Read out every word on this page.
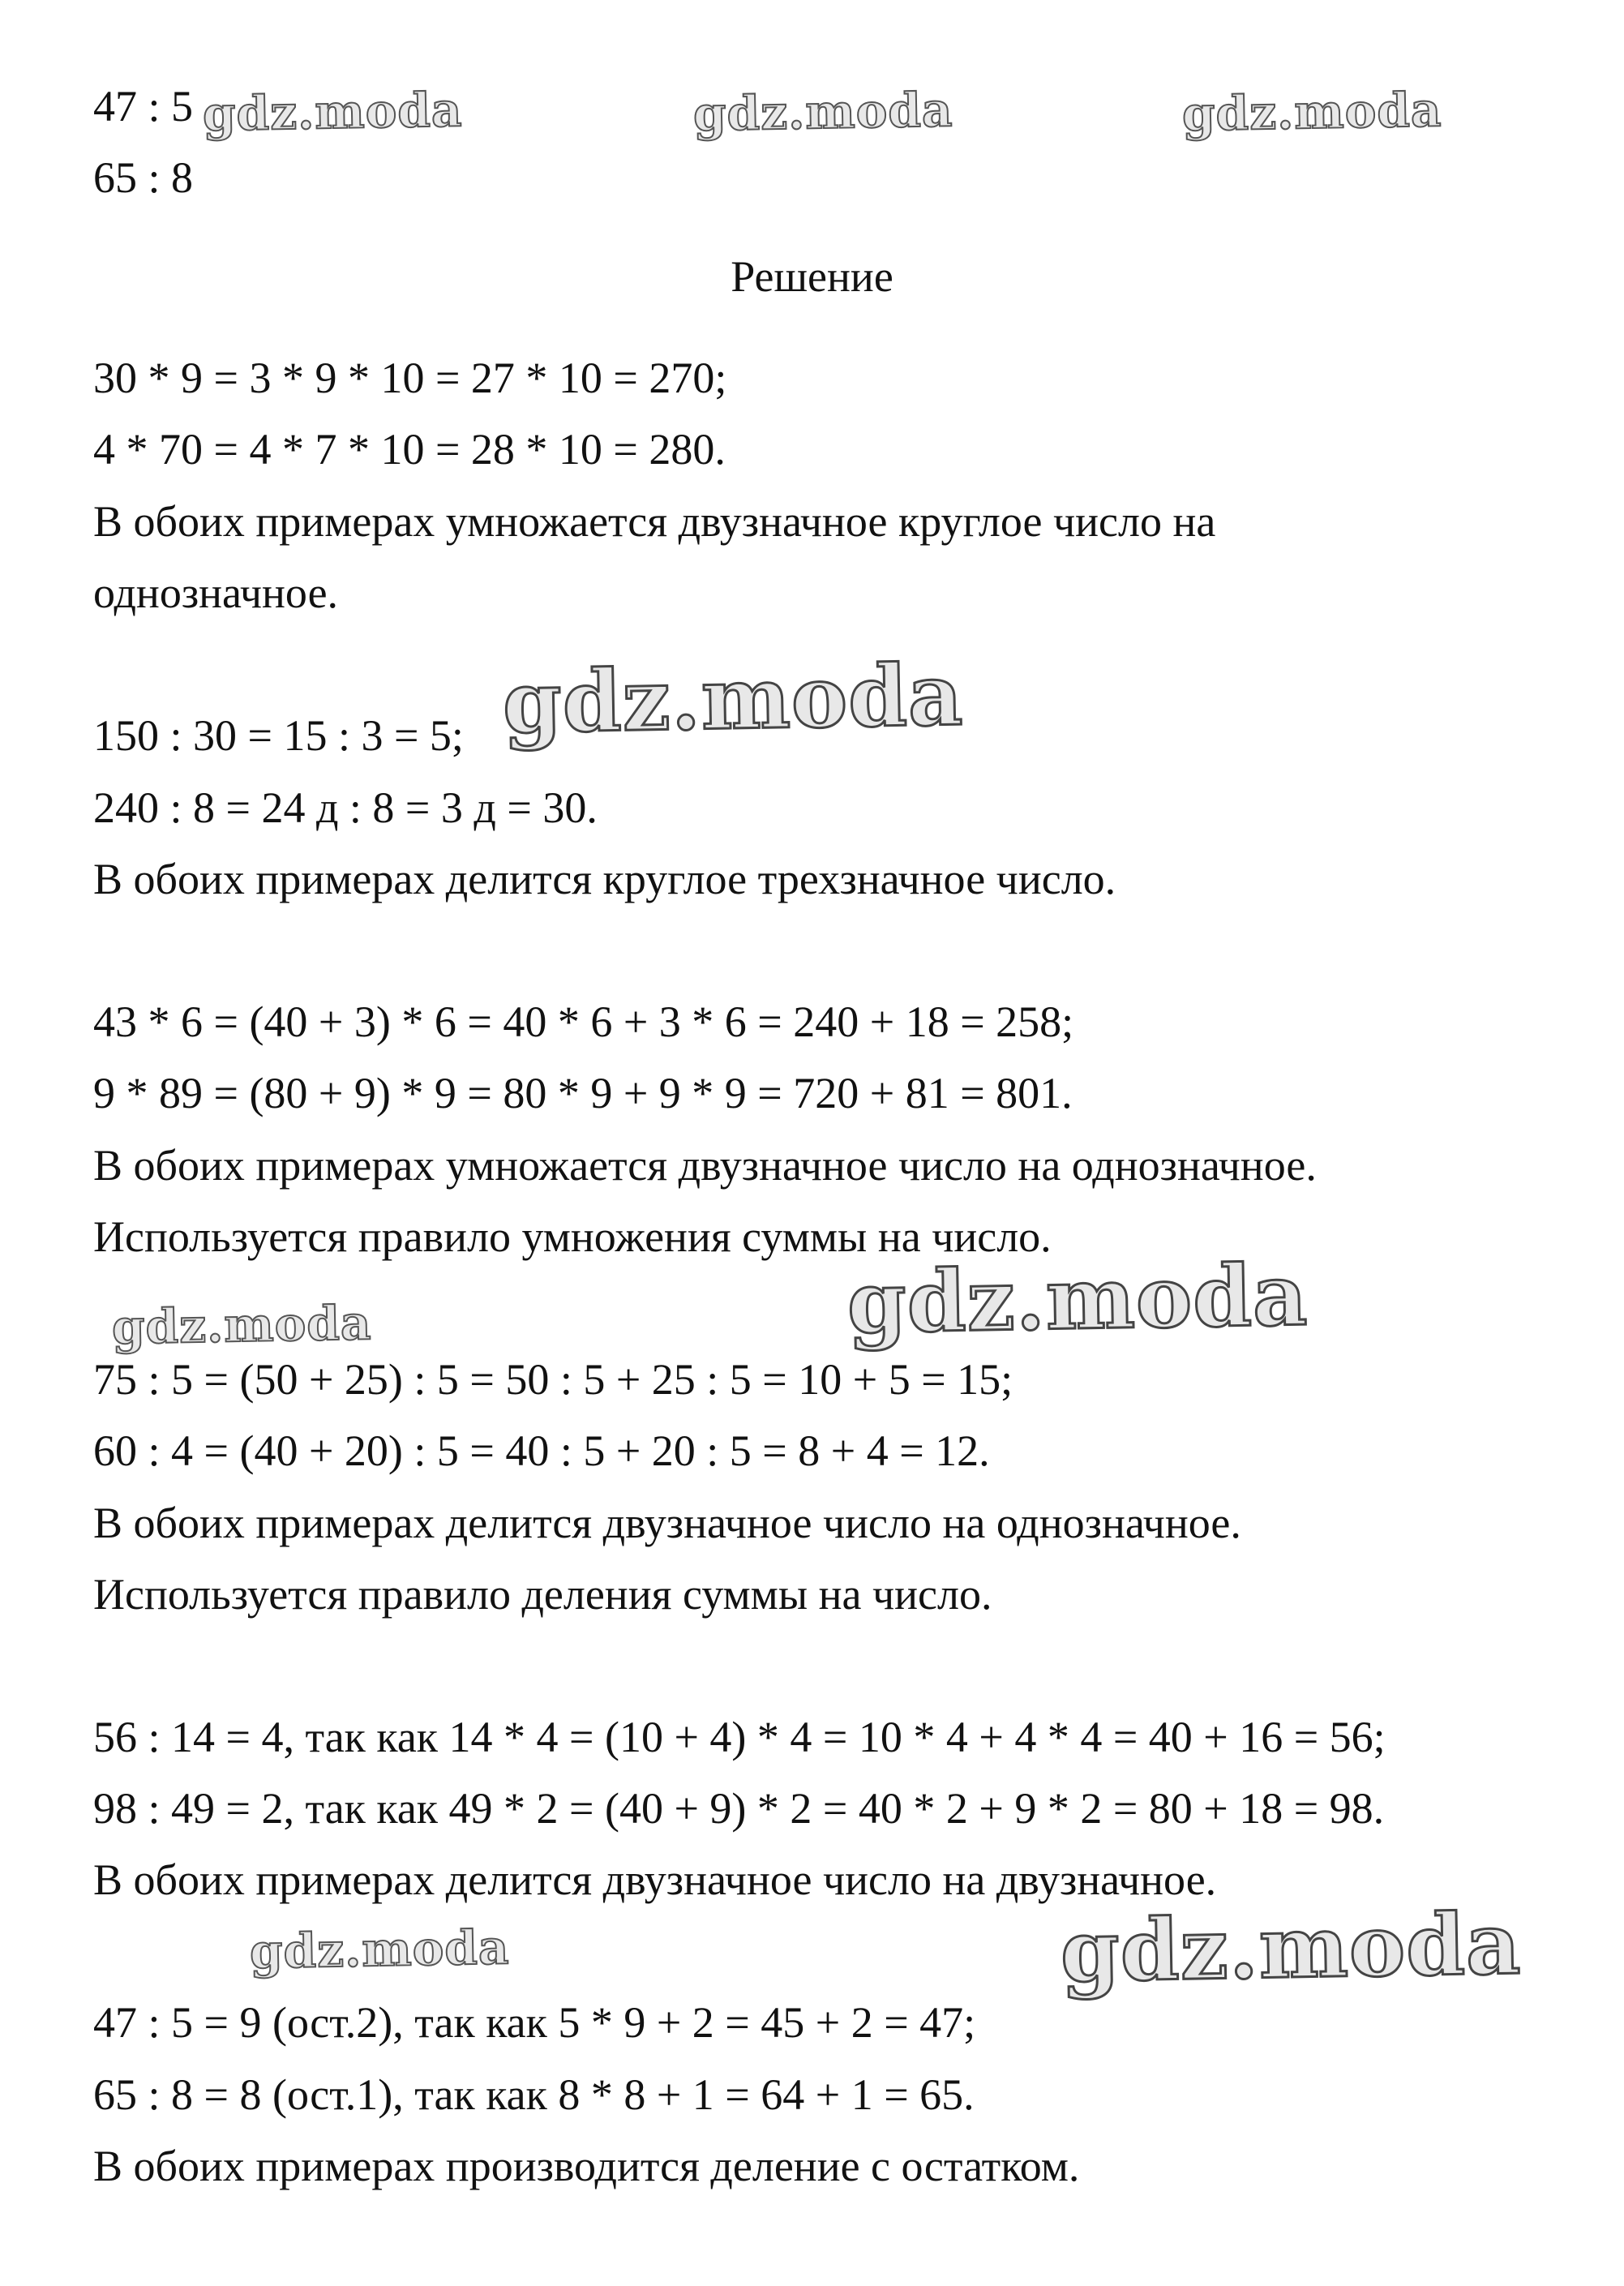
47 : 5
65 : 8
Решение
30 * 9 = 3 * 9 * 10 = 27 * 10 = 270;
4 * 70 = 4 * 7 * 10 = 28 * 10 = 280.
В обоих примерах умножается двузначное круглое число на
однозначное.
150 : 30 = 15 : 3 = 5;
240 : 8 = 24 д : 8 = 3 д = 30.
В обоих примерах делится круглое трехзначное число.
43 * 6 = (40 + 3) * 6 = 40 * 6 + 3 * 6 = 240 + 18 = 258;
9 * 89 = (80 + 9) * 9 = 80 * 9 + 9 * 9 = 720 + 81 = 801.
В обоих примерах умножается двузначное число на однозначное.
Используется правило умножения суммы на число.
75 : 5 = (50 + 25) : 5 = 50 : 5 + 25 : 5 = 10 + 5 = 15;
60 : 4 = (40 + 20) : 5 = 40 : 5 + 20 : 5 = 8 + 4 = 12.
В обоих примерах делится двузначное число на однозначное.
Используется правило деления суммы на число.
56 : 14 = 4, так как 14 * 4 = (10 + 4) * 4 = 10 * 4 + 4 * 4 = 40 + 16 = 56;
98 : 49 = 2, так как 49 * 2 = (40 + 9) * 2 = 40 * 2 + 9 * 2 = 80 + 18 = 98.
В обоих примерах делится двузначное число на двузначное.
47 : 5 = 9 (ост.2), так как 5 * 9 + 2 = 45 + 2 = 47;
65 : 8 = 8 (ост.1), так как 8 * 8 + 1 = 64 + 1 = 65.
В обоих примерах производится деление с остатком.
gdz.moda	gdz.moda	gdz.moda
gdz.moda
gdz.moda	gdz.moda
gdz.moda	gdz.moda
